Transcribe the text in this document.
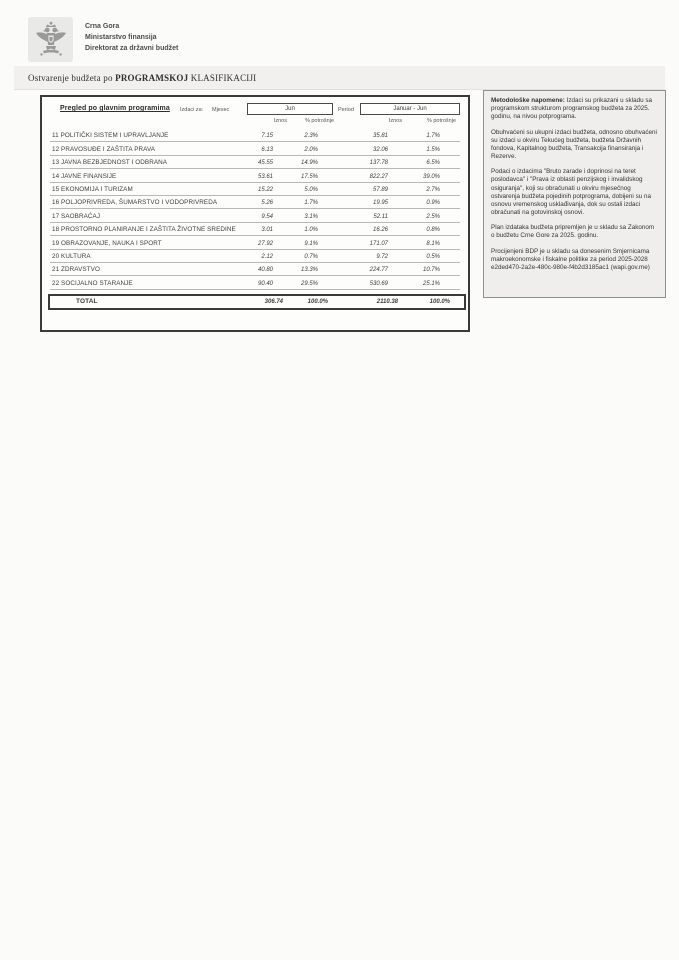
Crna Gora
Ministarstvo finansija
Direktorat za državni budžet
Ostvarenje budžeta po PROGRAMSKOJ KLASIFIKACIJI
Pregled po glavnim programima Izdaci za: Mjesec	Jun	Period	Januar - Jun
Iznos	% potrošnje	Iznos	% potrošnje
11 POLITIČKI SISTEM I UPRAVLJANJE	7.15	2.3%	35.81	1.7%
12 PRAVOSUĐE I ZAŠTITA PRAVA	6.13	2.0%	32.06	1.5%
13 JAVNA BEZBJEDNOST I ODBRANA	45.55	14.9%	137.78	6.5%
14 JAVNE FINANSIJE	53.61	17.5%	822.27	39.0%
15 EKONOMIJA I TURIZAM	15.22	5.0%	57.89	2.7%
16 POLJOPRIVREDA, ŠUMARSTVO I VODOPRIVREDA	5.26	1.7%	19.95	0.9%
17 SAOBRAĆAJ	9.54	3.1%	52.11	2.5%
18 PROSTORNO PLANIRANJE I ZAŠTITA ŽIVOTNE SREDINE	3.01	1.0%	16.26	0.8%
19 OBRAZOVANJE, NAUKA I SPORT	27.92	9.1%	171.07	8.1%
20 KULTURA	2.12	0.7%	9.72	0.5%
21 ZDRAVSTVO	40.80	13.3%	224.77	10.7%
22 SOCIJALNO STARANJE	90.40	29.5%	530.69	25.1%
TOTAL	306.74	100.0%	2110.38	100.0%

Metodološke napomene: Izdaci su prikazani u skladu sa programskom strukturom programskog budžeta za 2025. godinu, na nivou potprograma.

Obuhvaćeni su ukupni izdaci budžeta, odnosno obuhvaćeni su izdaci u okviru Tekućeg budžeta, budžeta Državnih fondova, Kapitalnog budžeta, Transakcija finansiranja i Rezerve.

Podaci o izdacima "Bruto zarade i doprinosi na teret poslodavca" i "Prava iz oblasti penzijskog i invalidskog osiguranja", koji su obračunati u okviru mjesečnog ostvarenja budžeta pojedinih potprograma, dobijeni su na osnovu vremenskog usklađivanja, dok su ostali izdaci obračunati na gotovinskoj osnovi.

Plan izdataka budžeta pripremljen je u skladu sa Zakonom o budžetu Crne Gore za 2025. godinu.

Procijenjeni BDP je u skladu sa donesenim Smjernicama makroekonomske i fiskalne politike za period 2025-2028 e2ded470-2a2e-480c-980e-f4b2d3185ac1 (wapi.gov.me)
